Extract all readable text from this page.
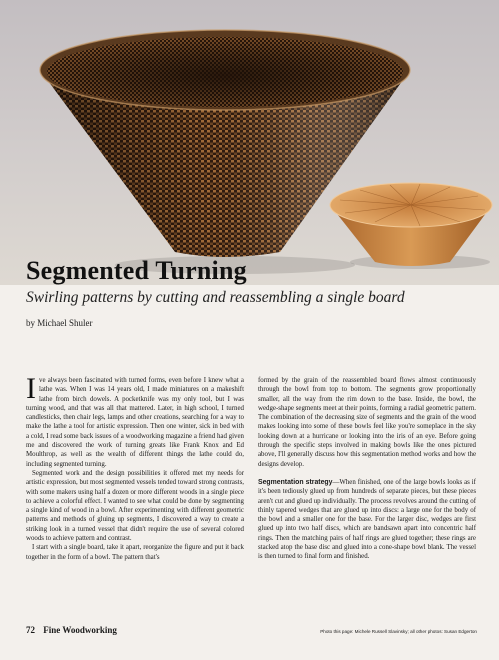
Segmented Turning

Swirling patterns by cutting and reassembling a single board

by Michael Shuler

Ive always been fascinated with turned forms, even before I knew what a lathe was. When I was 14 years old, I made miniatures on a makeshift lathe from birch dowels. A pocketknife was my only tool, but I was turning wood, and that was all that mattered. Later, in high school, I turned candlesticks, then chair legs, lamps and other creations, searching for a way to make the lathe a tool for artistic expression. Then one winter, sick in bed with a cold, I read some back issues of a woodworking magazine a friend had given me and discovered the work of turning greats like Frank Knox and Ed Moulthrop, as well as the wealth of different things the lathe could do, including segmented turning.

Segmented work and the design possibilities it offered met my needs for artistic expression, but most segmented vessels tended toward strong contrasts, with some makers using half a dozen or more different woods in a single piece to achieve a colorful effect. I wanted to see what could be done by segmenting a single kind of wood in a bowl. After experimenting with different geometric patterns and methods of gluing up segments, I discovered a way to create a striking look in a turned vessel that didn't require the use of several colored woods to achieve pattern and contrast.

I start with a single board, take it apart, reorganize the figure and put it back together in the form of a bowl. The pattern that's

formed by the grain of the reassembled board flows almost continuously through the bowl from top to bottom. The segments grow proportionally smaller, all the way from the rim down to the base. Inside, the bowl, the wedge-shape segments meet at their points, forming a radial geometric pattern. The combination of the decreasing size of segments and the grain of the wood makes looking into some of these bowls feel like you're someplace in the sky looking down at a hurricane or looking into the iris of an eye. Before going through the specific steps involved in making bowls like the ones pictured above, I'll generally discuss how this segmentation method works and how the designs develop.

Segmentation strategy—When finished, one of the large bowls looks as if it's been tediously glued up from hundreds of separate pieces, but these pieces aren't cut and glued up individually. The process revolves around the cutting of thinly tapered wedges that are glued up into discs: a large one for the body of the bowl and a smaller one for the base. For the larger disc, wedges are first glued up into two half discs, which are bandsawn apart into concentric half rings. Then the matching pairs of half rings are glued together; these rings are stacked atop the base disc and glued into a cone-shape bowl blank. The vessel is then turned to final form and finished.

72 Fine Woodworking	Photo this page: Michele Russell Slavinsky; all other photos: Susan Edgerton
